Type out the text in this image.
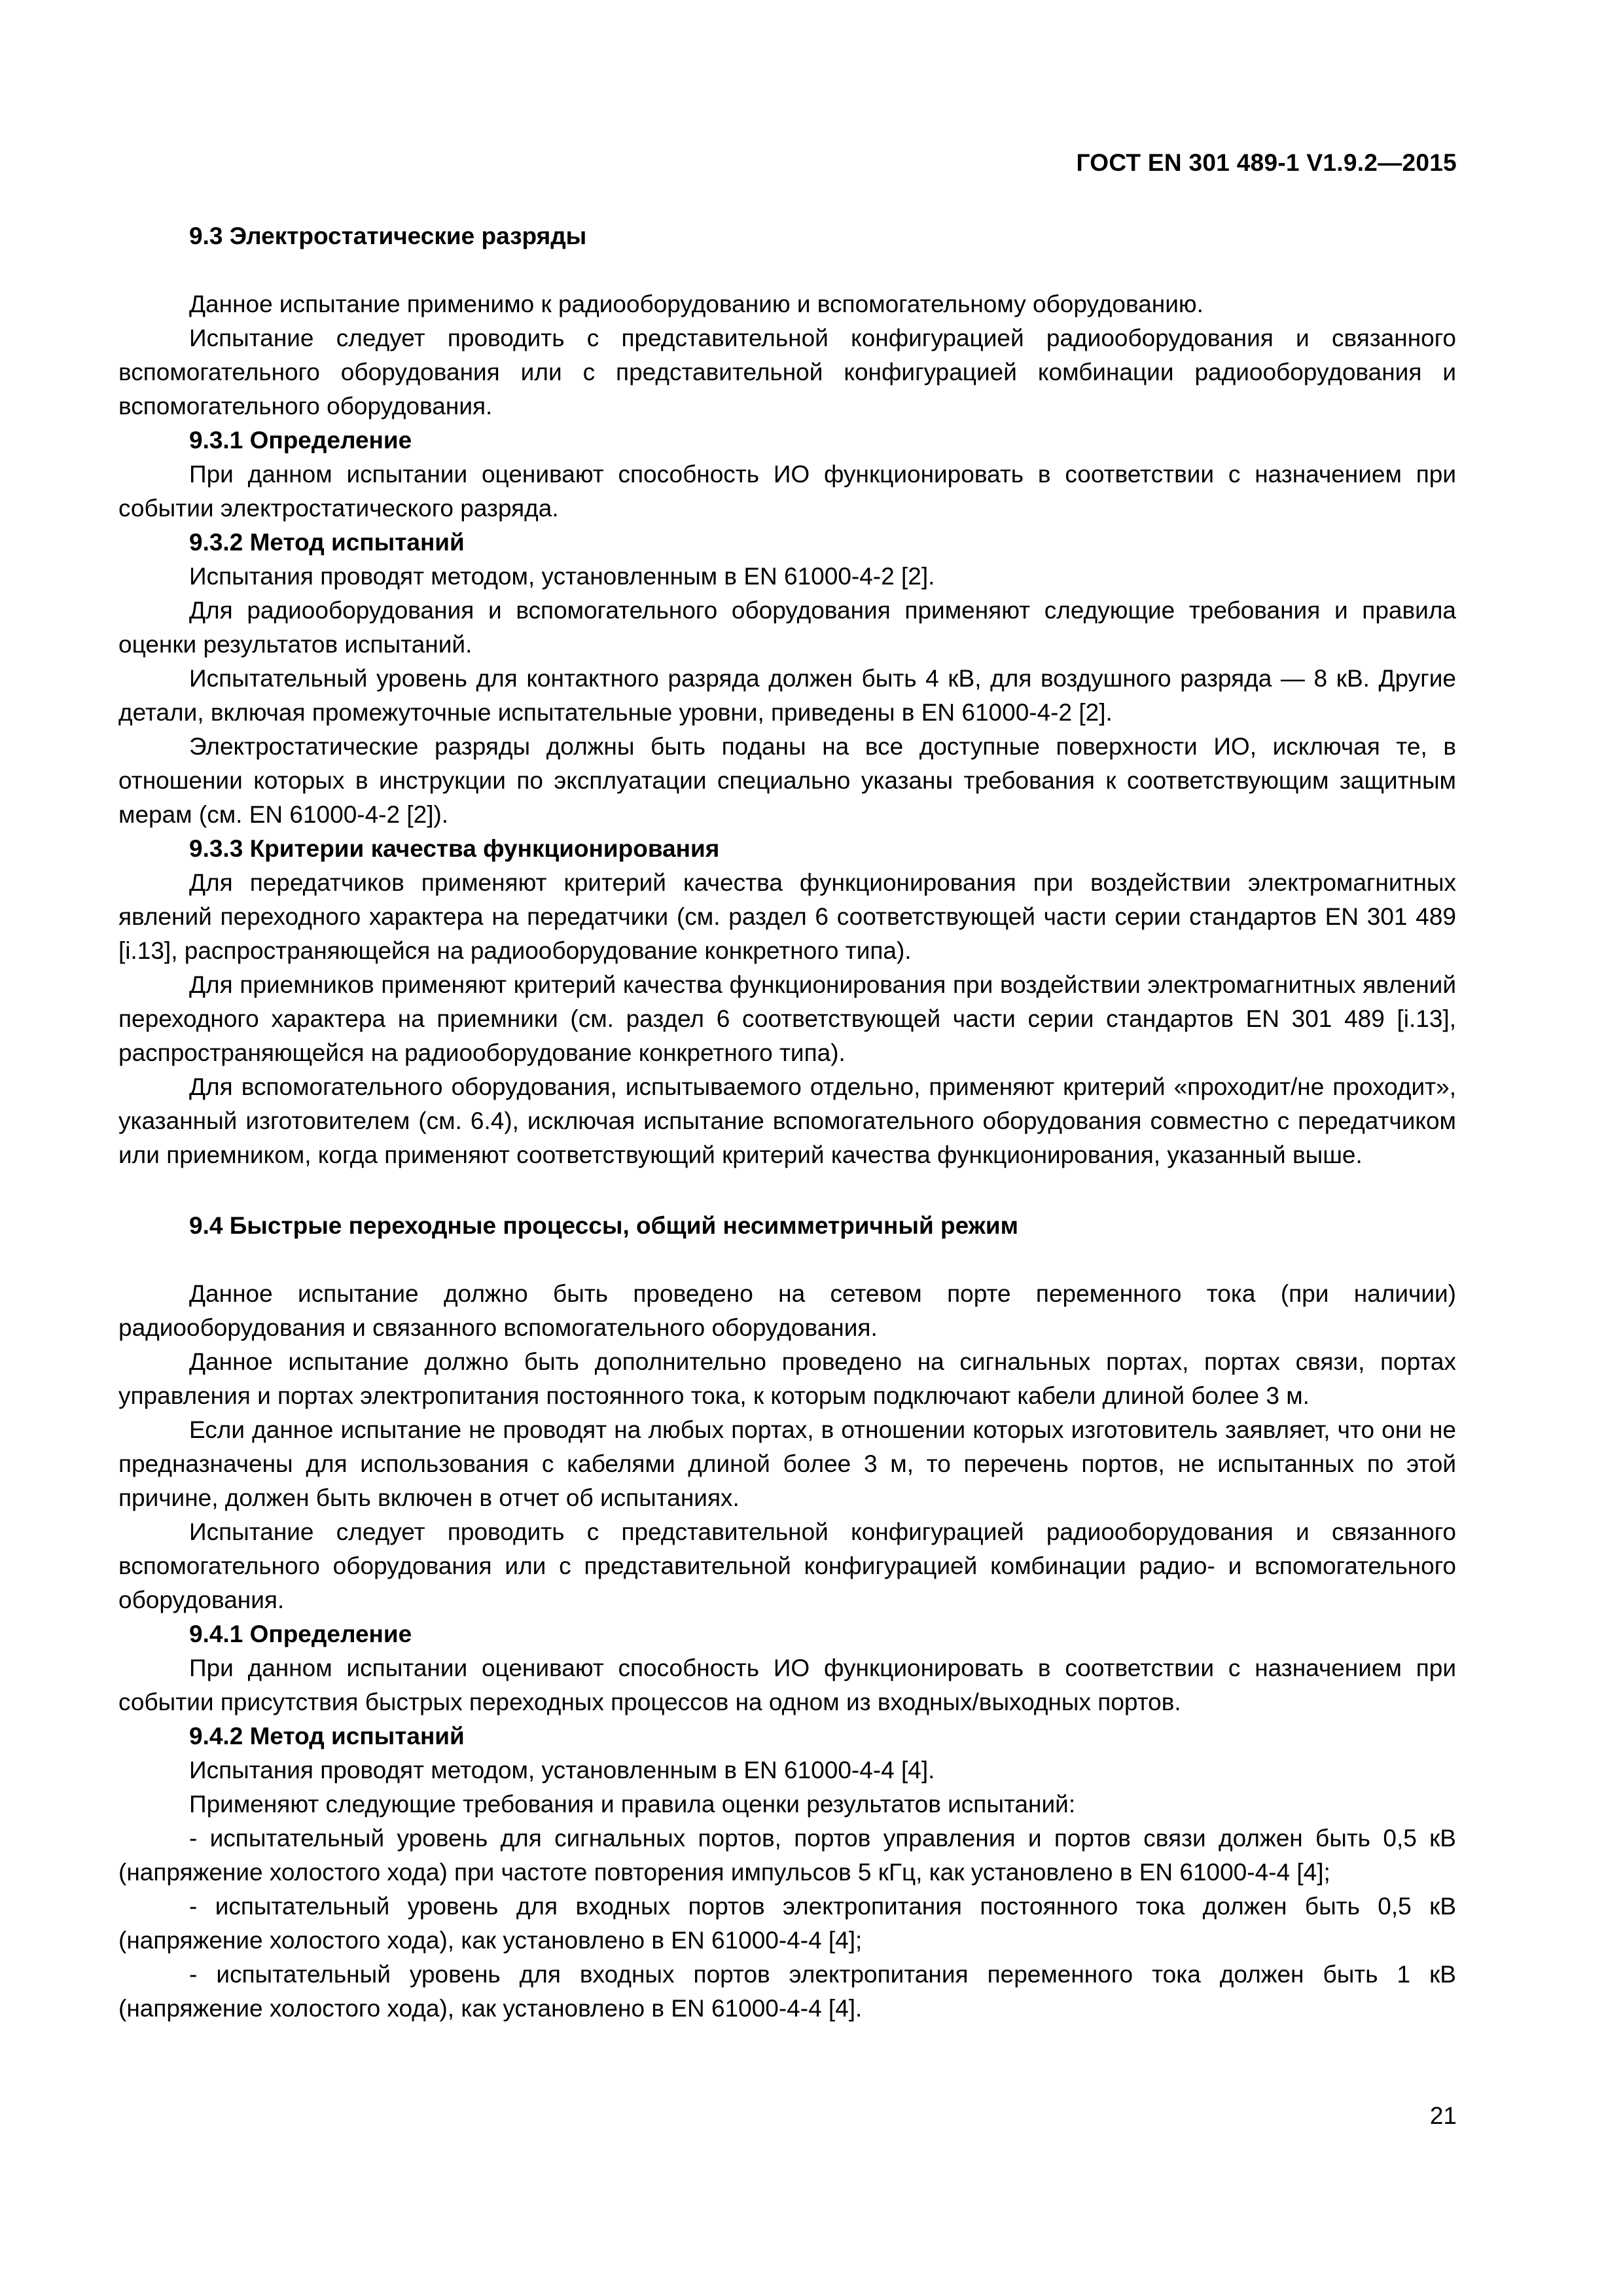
ГОСТ EN 301 489-1 V1.9.2—2015

9.3 Электростатические разряды

Данное испытание применимо к радиооборудованию и вспомогательному оборудованию.

Испытание следует проводить с представительной конфигурацией радиооборудования и связанного вспомогательного оборудования или с представительной конфигурацией комбинации радиооборудования и вспомогательного оборудования.

9.3.1 Определение

При данном испытании оценивают способность ИО функционировать в соответствии с назначением при событии электростатического разряда.

9.3.2 Метод испытаний

Испытания проводят методом, установленным в EN 61000-4-2 [2].

Для радиооборудования и вспомогательного оборудования применяют следующие требования и правила оценки результатов испытаний.

Испытательный уровень для контактного разряда должен быть 4 кВ, для воздушного разряда — 8 кВ. Другие детали, включая промежуточные испытательные уровни, приведены в EN 61000-4-2 [2].

Электростатические разряды должны быть поданы на все доступные поверхности ИО, исключая те, в отношении которых в инструкции по эксплуатации специально указаны требования к соответствующим защитным мерам (см. EN 61000-4-2 [2]).

9.3.3 Критерии качества функционирования

Для передатчиков применяют критерий качества функционирования при воздействии электромагнитных явлений переходного характера на передатчики (см. раздел 6 соответствующей части серии стандартов EN 301 489 [i.13], распространяющейся на радиооборудование конкретного типа).

Для приемников применяют критерий качества функционирования при воздействии электромагнитных явлений переходного характера на приемники (см. раздел 6 соответствующей части серии стандартов EN 301 489 [i.13], распространяющейся на радиооборудование конкретного типа).

Для вспомогательного оборудования, испытываемого отдельно, применяют критерий «проходит/не проходит», указанный изготовителем (см. 6.4), исключая испытание вспомогательного оборудования совместно с передатчиком или приемником, когда применяют соответствующий критерий качества функционирования, указанный выше.

9.4 Быстрые переходные процессы, общий несимметричный режим

Данное испытание должно быть проведено на сетевом порте переменного тока (при наличии) радиооборудования и связанного вспомогательного оборудования.

Данное испытание должно быть дополнительно проведено на сигнальных портах, портах связи, портах управления и портах электропитания постоянного тока, к которым подключают кабели длиной более 3 м.

Если данное испытание не проводят на любых портах, в отношении которых изготовитель заявляет, что они не предназначены для использования с кабелями длиной более 3 м, то перечень портов, не испытанных по этой причине, должен быть включен в отчет об испытаниях.

Испытание следует проводить с представительной конфигурацией радиооборудования и связанного вспомогательного оборудования или с представительной конфигурацией комбинации радио- и вспомогательного оборудования.

9.4.1 Определение

При данном испытании оценивают способность ИО функционировать в соответствии с назначением при событии присутствия быстрых переходных процессов на одном из входных/выходных портов.

9.4.2 Метод испытаний

Испытания проводят методом, установленным в EN 61000-4-4 [4].

Применяют следующие требования и правила оценки результатов испытаний:

- испытательный уровень для сигнальных портов, портов управления и портов связи должен быть 0,5 кВ (напряжение холостого хода) при частоте повторения импульсов 5 кГц, как установлено в EN 61000-4-4 [4];

- испытательный уровень для входных портов электропитания постоянного тока должен быть 0,5 кВ (напряжение холостого хода), как установлено в EN 61000-4-4 [4];

- испытательный уровень для входных портов электропитания переменного тока должен быть 1 кВ (напряжение холостого хода), как установлено в EN 61000-4-4 [4].

21
